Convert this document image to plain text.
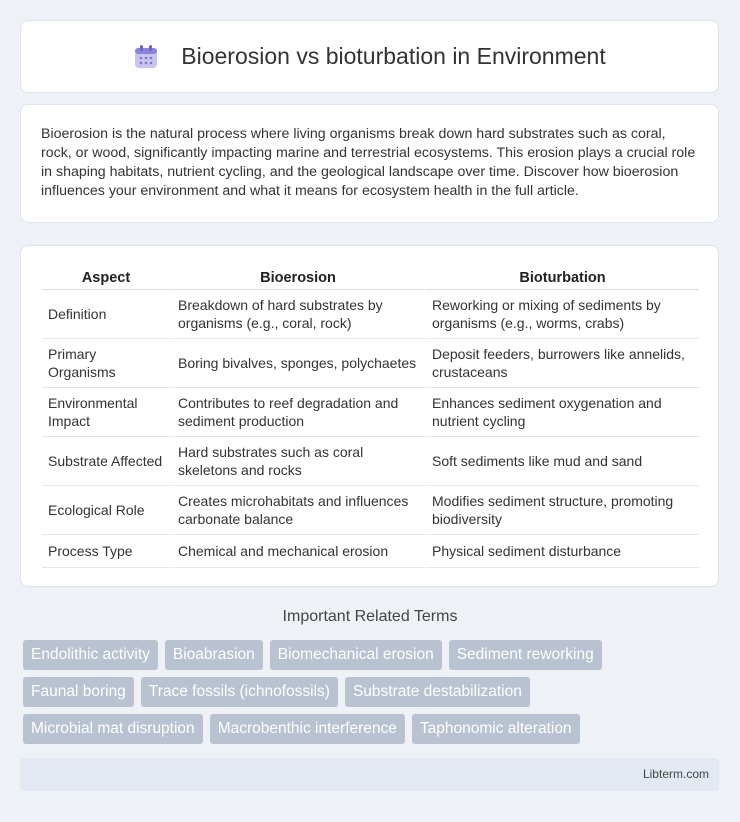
Bioerosion vs bioturbation in Environment

Bioerosion is the natural process where living organisms break down hard substrates such as coral, rock, or wood, significantly impacting marine and terrestrial ecosystems. This erosion plays a crucial role in shaping habitats, nutrient cycling, and the geological landscape over time. Discover how bioerosion influences your environment and what it means for ecosystem health in the full article.

Aspect	Bioerosion	Bioturbation
Definition	Breakdown of hard substrates by organisms (e.g., coral, rock)	Reworking or mixing of sediments by organisms (e.g., worms, crabs)
Primary Organisms	Boring bivalves, sponges, polychaetes	Deposit feeders, burrowers like annelids, crustaceans
Environmental Impact	Contributes to reef degradation and sediment production	Enhances sediment oxygenation and nutrient cycling
Substrate Affected	Hard substrates such as coral skeletons and rocks	Soft sediments like mud and sand
Ecological Role	Creates microhabitats and influences carbonate balance	Modifies sediment structure, promoting biodiversity
Process Type	Chemical and mechanical erosion	Physical sediment disturbance
Important Related Terms
Endolithic activity	Bioabrasion	Biomechanical erosion	Sediment reworking
Faunal boring	Trace fossils (ichnofossils)	Substrate destabilization
Microbial mat disruption	Macrobenthic interference	Taphonomic alteration
Libterm.com
